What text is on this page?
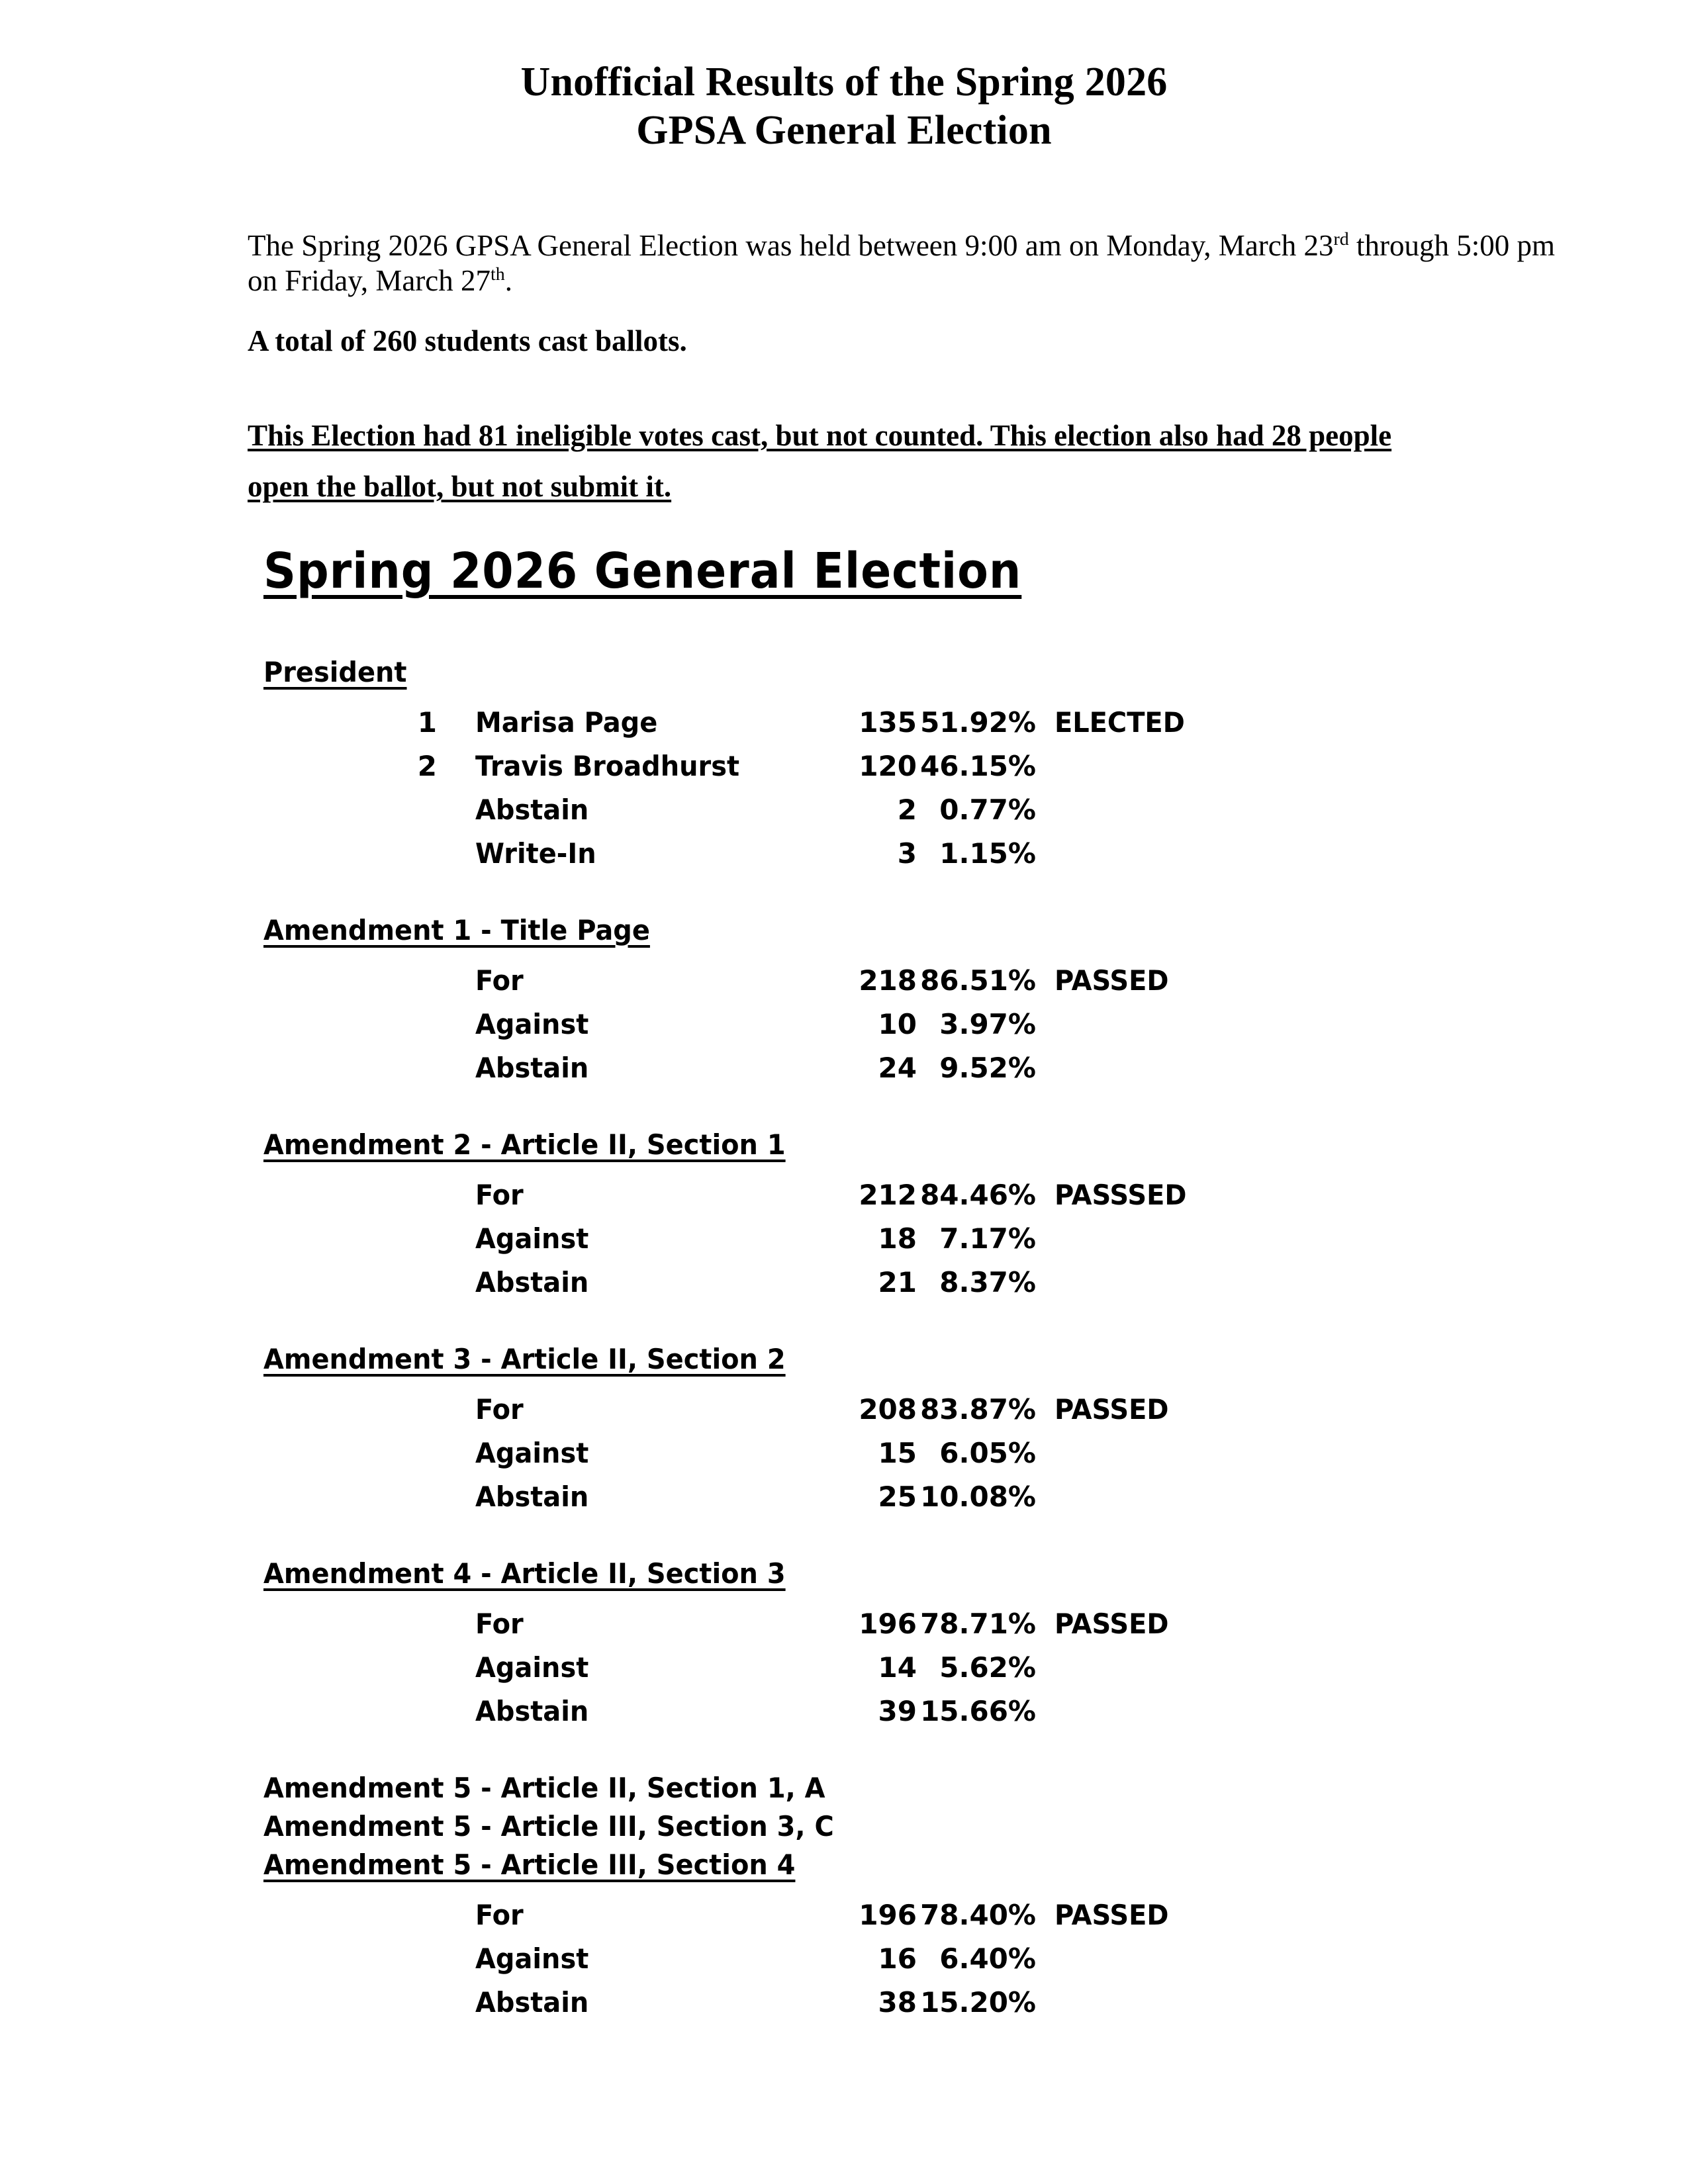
Unofficial Results of the Spring 2026
GPSA General Election

The Spring 2026 GPSA General Election was held between 9:00 am on Monday, March 23rd through 5:00 pm on Friday, March 27th.

A total of 260 students cast ballots.
This Election had 81 ineligible votes cast, but not counted. This election also had 28 people
open the ballot, but not submit it.
Spring 2026 General Election
President
1 Marisa Page	135 51.92% ELECTED
2 Travis Broadhurst	120 46.15%
Abstain	2 0.77%
Write-In	3 1.15%
Amendment 1 - Title Page
For	218 86.51% PASSED
Against	10 3.97%
Abstain	24 9.52%
Amendment 2 - Article II, Section 1
For	212 84.46% PASSSED
Against	18 7.17%
Abstain	21 8.37%
Amendment 3 - Article II, Section 2
For	208 83.87% PASSED
Against	15 6.05%
Abstain	25 10.08%
Amendment 4 - Article II, Section 3
For	196 78.71% PASSED
Against	14 5.62%
Abstain	39 15.66%
Amendment 5 - Article II, Section 1, A
Amendment 5 - Article III, Section 3, C
Amendment 5 - Article III, Section 4
For	196 78.40% PASSED
Against	16 6.40%
Abstain	38 15.20%
